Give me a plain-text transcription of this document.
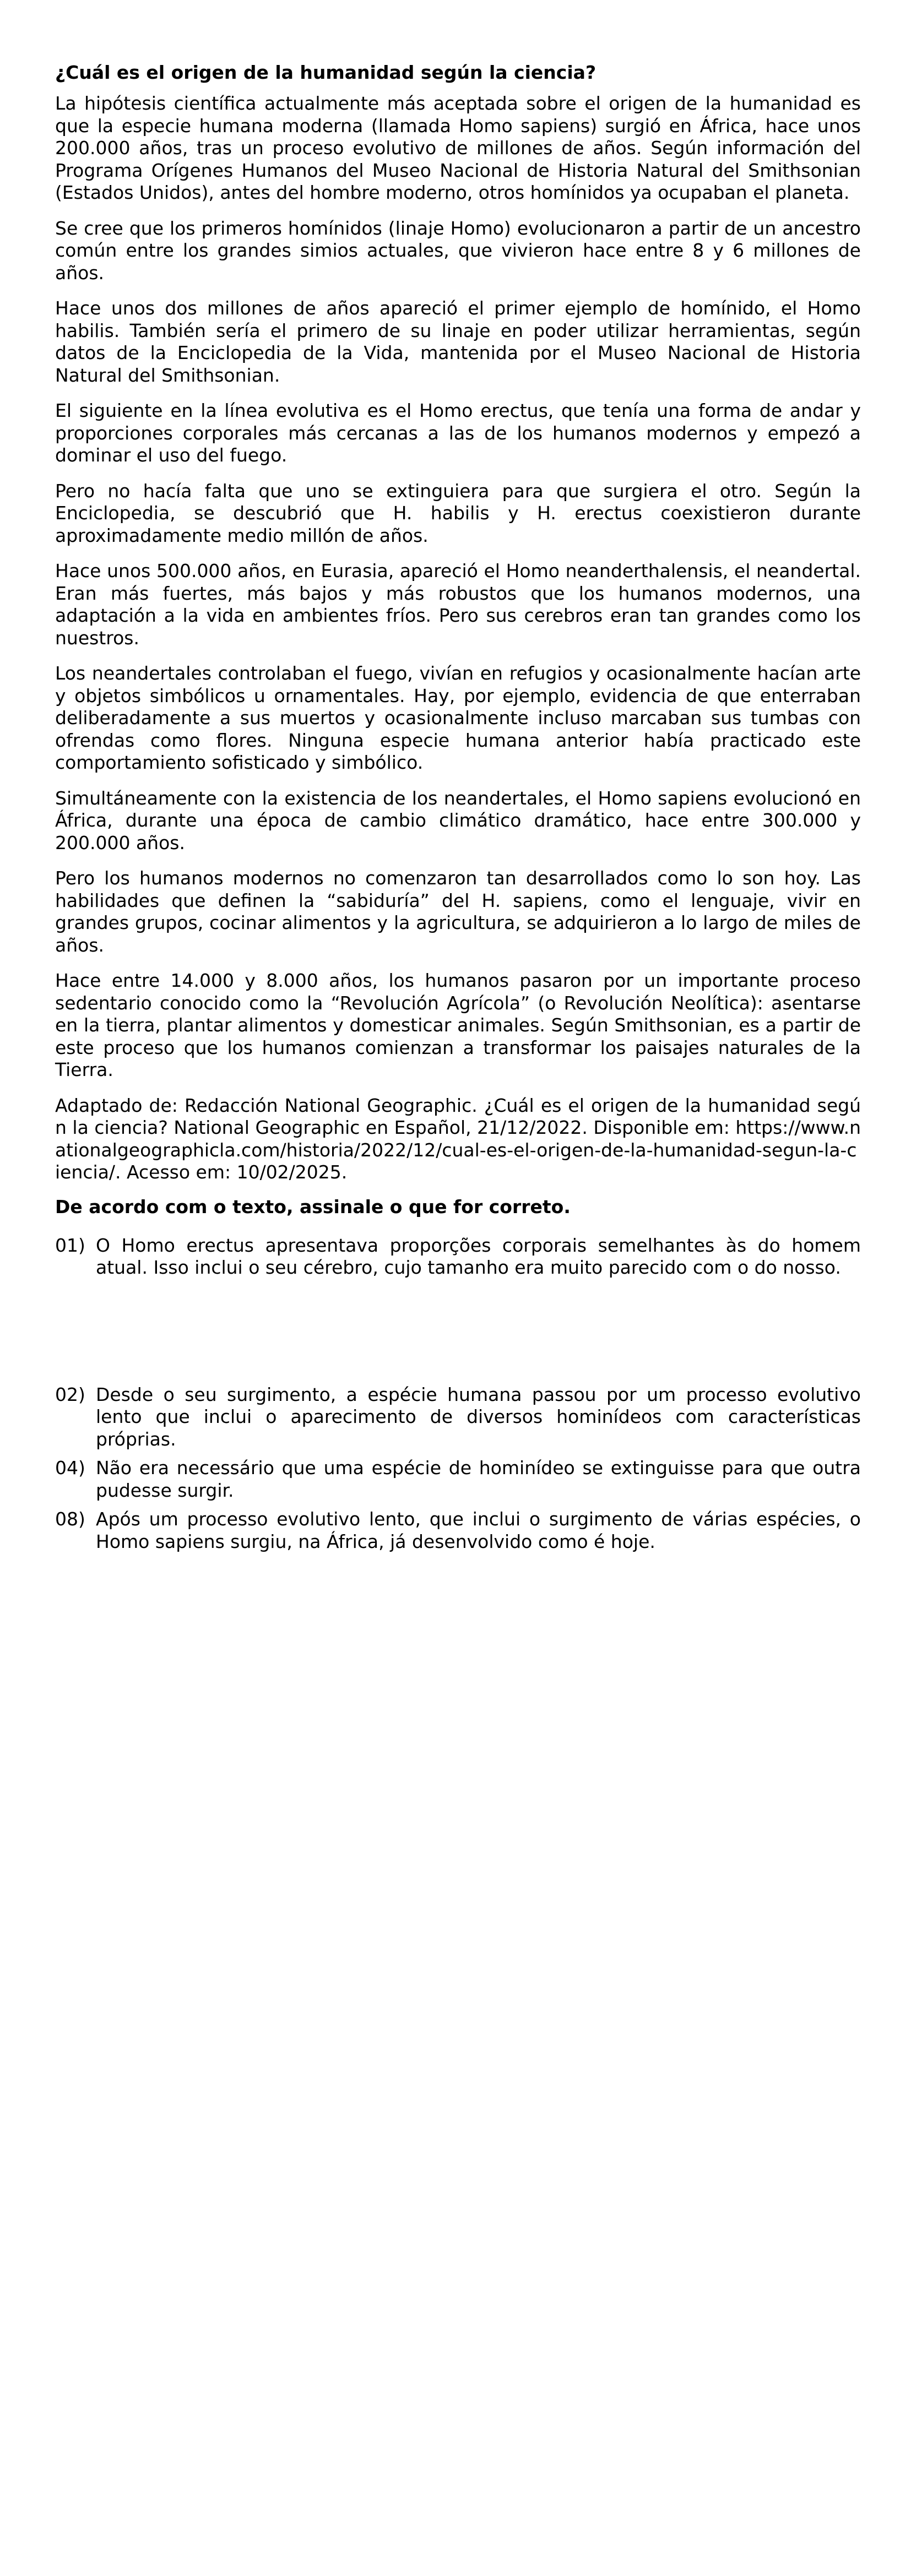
¿Cuál es el origen de la humanidad según la ciencia?

La hipótesis científica actualmente más aceptada sobre el origen de la humanidad es que la especie humana moderna (llamada Homo sapiens) surgió en África, hace unos 200.000 años, tras un proceso evolutivo de millones de años. Según información del Programa Orígenes Humanos del Museo Nacional de Historia Natural del Smithsonian (Estados Unidos), antes del hombre moderno, otros homínidos ya ocupaban el planeta.

Se cree que los primeros homínidos (linaje Homo) evolucionaron a partir de un ancestro común entre los grandes simios actuales, que vivieron hace entre 8 y 6 millones de años.

Hace unos dos millones de años apareció el primer ejemplo de homínido, el Homo habilis. También sería el primero de su linaje en poder utilizar herramientas, según datos de la Enciclopedia de la Vida, mantenida por el Museo Nacional de Historia Natural del Smithsonian.

El siguiente en la línea evolutiva es el Homo erectus, que tenía una forma de andar y proporciones corporales más cercanas a las de los humanos modernos y empezó a dominar el uso del fuego.

Pero no hacía falta que uno se extinguiera para que surgiera el otro. Según la Enciclopedia, se descubrió que H. habilis y H. erectus coexistieron durante aproximadamente medio millón de años.

Hace unos 500.000 años, en Eurasia, apareció el Homo neanderthalensis, el neandertal. Eran más fuertes, más bajos y más robustos que los humanos modernos, una adaptación a la vida en ambientes fríos. Pero sus cerebros eran tan grandes como los nuestros.

Los neandertales controlaban el fuego, vivían en refugios y ocasionalmente hacían arte y objetos simbólicos u ornamentales. Hay, por ejemplo, evidencia de que enterraban deliberadamente a sus muertos y ocasionalmente incluso marcaban sus tumbas con ofrendas como flores. Ninguna especie humana anterior había practicado este comportamiento sofisticado y simbólico.

Simultáneamente con la existencia de los neandertales, el Homo sapiens evolucionó en África, durante una época de cambio climático dramático, hace entre 300.000 y 200.000 años.

Pero los humanos modernos no comenzaron tan desarrollados como lo son hoy. Las habilidades que definen la “sabiduría” del H. sapiens, como el lenguaje, vivir en grandes grupos, cocinar alimentos y la agricultura, se adquirieron a lo largo de miles de años.

Hace entre 14.000 y 8.000 años, los humanos pasaron por un importante proceso sedentario conocido como la “Revolución Agrícola” (o Revolución Neolítica): asentarse en la tierra, plantar alimentos y domesticar animales. Según Smithsonian, es a partir de este proceso que los humanos comienzan a transformar los paisajes naturales de la Tierra.

Adaptado de: Redacción National Geographic. ¿Cuál es el origen de la humanidad según la ciencia? National Geographic en Español, 21/12/2022. Disponible em: https://www.nationalgeographicla.com/historia/2022/12/cual-es-el-origen-de-la-humanidad-segun-la-ciencia/. Acesso em: 10/02/2025.

De acordo com o texto, assinale o que for correto.
01) O Homo erectus apresentava proporções corporais semelhantes às do homem atual. Isso inclui o seu cérebro, cujo tamanho era muito parecido com o do nosso.
02) Desde o seu surgimento, a espécie humana passou por um processo evolutivo lento que inclui o aparecimento de diversos hominídeos com características próprias.
04) Não era necessário que uma espécie de hominídeo se extinguisse para que outra pudesse surgir.
08) Após um processo evolutivo lento, que inclui o surgimento de várias espécies, o Homo sapiens surgiu, na África, já desenvolvido como é hoje.
